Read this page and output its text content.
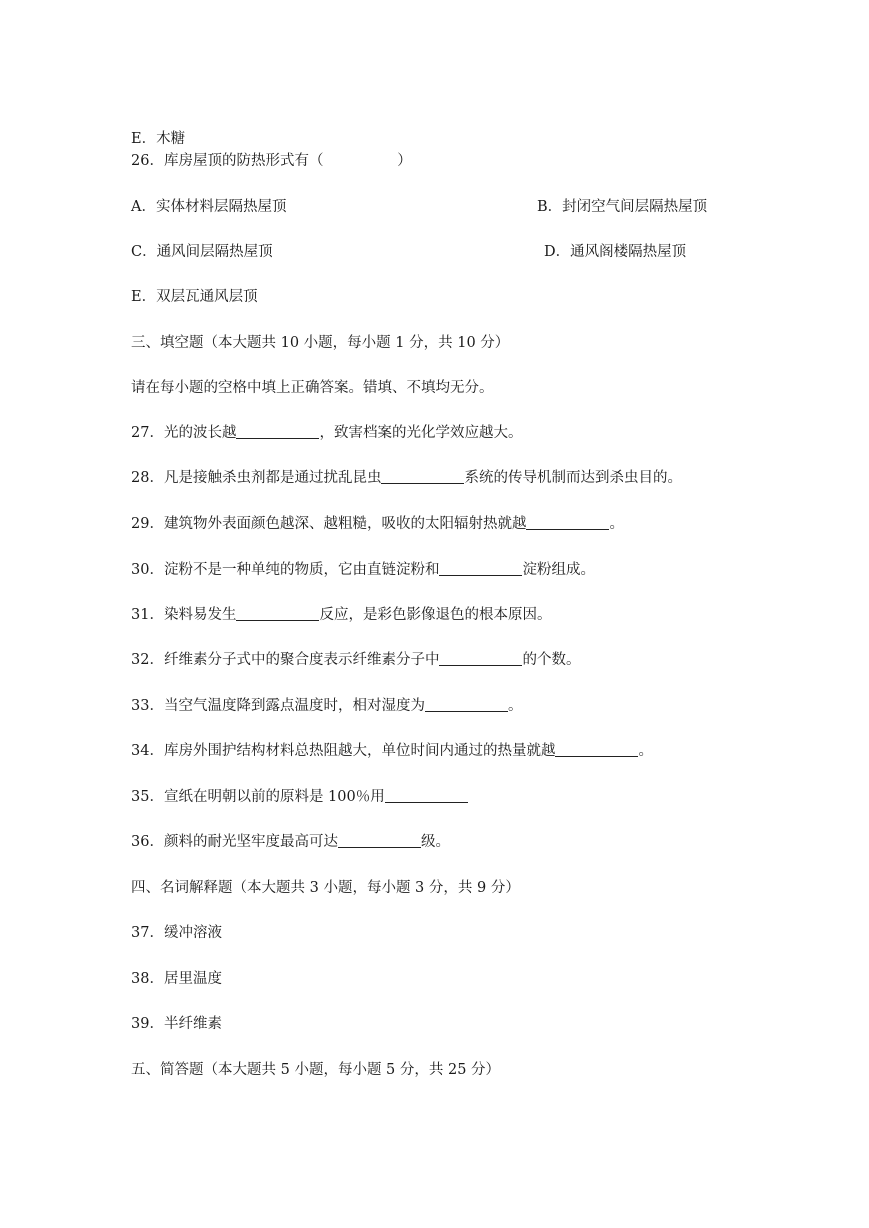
E．木糖
26．库房屋顶的防热形式有（                ）
A．实体材料层隔热屋顶	B．封闭空气间层隔热屋顶
C．通风间层隔热屋顶	D．通风阁楼隔热屋顶
E．双层瓦通风层顶
三、填空题（本大题共 10 小题，每小题 1 分，共 10 分）
请在每小题的空格中填上正确答案。错填、不填均无分。
27．光的波长越	，致害档案的光化学效应越大。
28．凡是接触杀虫剂都是通过扰乱昆虫	系统的传导机制而达到杀虫目的。
29．建筑物外表面颜色越深、越粗糙，吸收的太阳辐射热就越	。
30．淀粉不是一种单纯的物质，它由直链淀粉和	淀粉组成。
31．染料易发生	反应，是彩色影像退色的根本原因。
32．纤维素分子式中的聚合度表示纤维素分子中	的个数。
33．当空气温度降到露点温度时，相对湿度为	。
34．库房外围护结构材料总热阻越大，单位时间内通过的热量就越	。
35．宣纸在明朝以前的原料是 100％用
36．颜料的耐光坚牢度最高可达	级。
四、名词解释题（本大题共 3 小题，每小题 3 分，共 9 分）
37．缓冲溶液
38．居里温度
39．半纤维素
五、简答题（本大题共 5 小题，每小题 5 分，共 25 分）
